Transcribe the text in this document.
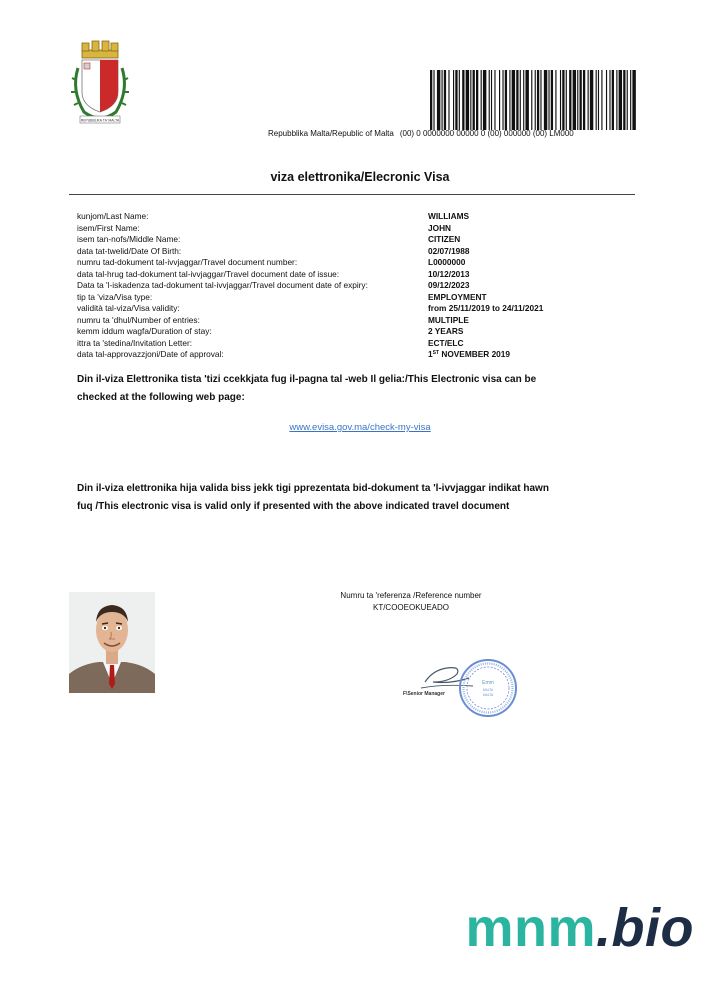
REPUBBLIKA TA' MALTA
Repubblika Malta/Republic of Malta (00) 0 0000000 00000 0 (00) 000000 (00) LM000
viza elettronika/Elecronic Visa
kunjom/Last Name:	WILLIAMS
isem/First Name:	JOHN
isem tan-nofs/Middle Name:	CITIZEN
data tat-twelid/Date Of Birth:	02/07/1988
numru tad-dokument tal-ivvjaggar/Travel document number:	L0000000
data tal-hrug tad-dokument tal-ivvjaggar/Travel document date of issue:	10/12/2013
Data ta 'l-iskadenza tad-dokument tal-ivvjaggar/Travel document date of expiry:	09/12/2023
tip ta 'viza/Visa type:	EMPLOYMENT
validità tal-viza/Visa validity:	from 25/11/2019 to 24/11/2021
numru ta 'dhul/Number of entries:	MULTIPLE
kemm iddum wagfa/Duration of stay:	2 YEARS
ittra ta 'stedina/Invitation Letter:	ECT/ELC
data tal-approvazzjoni/Date of approval:	1ST NOVEMBER 2019
Din il-viza Elettronika tista 'tizi ccekkjata fug il-pagna tal -web Il gelia:/This Electronic visa can be checked at the following web page:
www.evisa.gov.ma/check-my-visa
Din il-viza elettronika hija valida biss jekk tigi pprezentata bid-dokument ta 'l-ivvjaggar indikat hawn fuq /This electronic visa is valid only if presented with the above indicated travel document
Numru ta 'referenza /Reference number
KT/COOEOKUEADO
Emm
MALTA
MALTA
F\Senior Manager
mnm.bio
